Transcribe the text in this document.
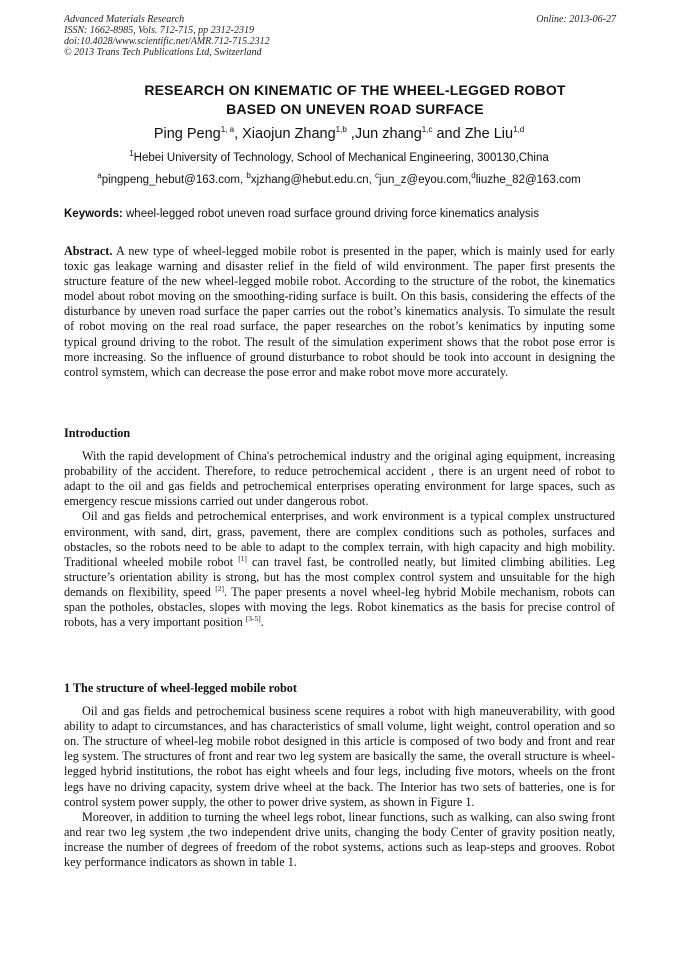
Advanced Materials Research
ISSN: 1662-8985, Vols. 712-715, pp 2312-2319
doi:10.4028/www.scientific.net/AMR.712-715.2312
© 2013 Trans Tech Publications Ltd, Switzerland
Online: 2013-06-27
RESEARCH ON KINEMATIC OF THE WHEEL-LEGGED ROBOT
BASED ON UNEVEN ROAD SURFACE
Ping Peng$^{1, a}$, Xiaojun Zhang$^{1,b}$ ,Jun zhang$^{1,c}$ and Zhe Liu$^{1,d}$
$^1$Hebei University of Technology, School of Mechanical Engineering, 300130,China
$^a$pingpeng_hebut@163.com, $^b$xjzhang@hebut.edu.cn, $^c$jun_z@eyou.com,$^d$liuzhe_82@163.com
Keywords: wheel-legged robot uneven road surface ground driving force kinematics analysis

Abstract. A new type of wheel-legged mobile robot is presented in the paper, which is mainly used for early toxic gas leakage warning and disaster relief in the field of wild environment. The paper first presents the structure feature of the new wheel-legged mobile robot. According to the structure of the robot, the kinematics model about robot moving on the smoothing-riding surface is built. On this basis, considering the effects of the disturbance by uneven road surface the paper carries out the robot’s kinematics analysis. To simulate the result of robot moving on the real road surface, the paper researches on the robot’s kenimatics by inputing some typical ground driving to the robot. The result of the simulation experiment shows that the robot pose error is more increasing. So the influence of ground disturbance to robot should be took into account in designing the control symstem, which can decrease the pose error and make robot move more accurately.

Introduction

With the rapid development of China's petrochemical industry and the original aging equipment, increasing probability of the accident. Therefore, to reduce petrochemical accident , there is an urgent need of robot to adapt to the oil and gas fields and petrochemical enterprises operating environment for large spaces, such as emergency rescue missions carried out under dangerous robot.

Oil and gas fields and petrochemical enterprises, and work environment is a typical complex unstructured environment, with sand, dirt, grass, pavement, there are complex conditions such as potholes, surfaces and obstacles, so the robots need to be able to adapt to the complex terrain, with high capacity and high mobility. Traditional wheeled mobile robot [1] can travel fast, be controlled neatly, but limited climbing abilities. Leg structure’s orientation ability is strong, but has the most complex control system and unsuitable for the high demands on flexibility, speed [2]. The paper presents a novel wheel-leg hybrid Mobile mechanism, robots can span the potholes, obstacles, slopes with moving the legs. Robot kinematics as the basis for precise control of robots, has a very important position [3-5].

1 The structure of wheel-legged mobile robot

Oil and gas fields and petrochemical business scene requires a robot with high maneuverability, with good ability to adapt to circumstances, and has characteristics of small volume, light weight, control operation and so on. The structure of wheel-leg mobile robot designed in this article is composed of two body and front and rear leg system. The structures of front and rear two leg system are basically the same, the overall structure is wheel-legged hybrid institutions, the robot has eight wheels and four legs, including five motors, wheels on the front legs have no driving capacity, system drive wheel at the back. The Interior has two sets of batteries, one is for control system power supply, the other to power drive system, as shown in Figure 1.

Moreover, in addition to turning the wheel legs robot, linear functions, such as walking, can also swing front and rear two leg system ,the two independent drive units, changing the body Center of gravity position neatly, increase the number of degrees of freedom of the robot systems, actions such as leap-steps and grooves. Robot key performance indicators as shown in table 1.
